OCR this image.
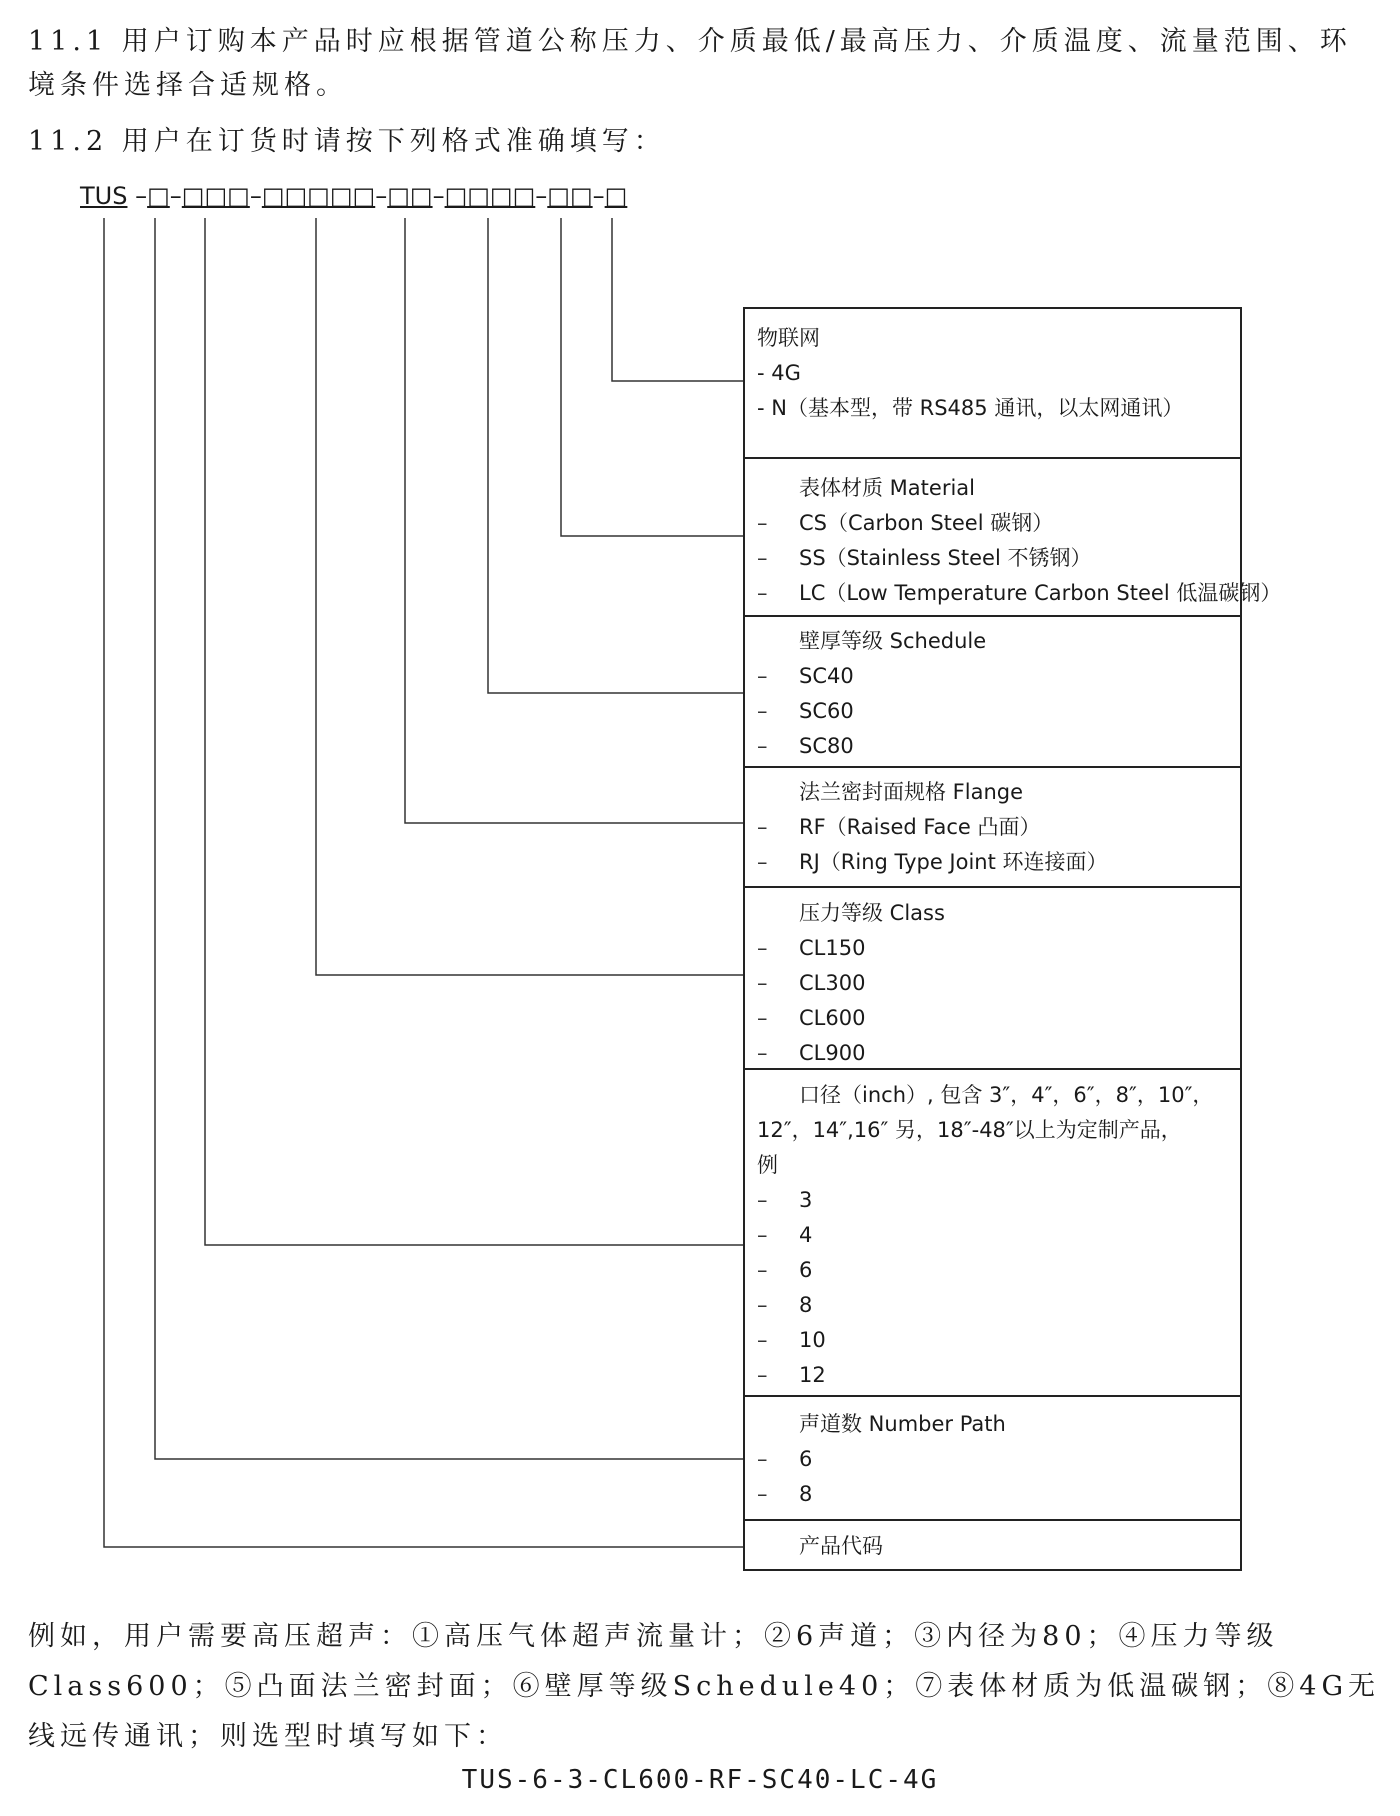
11.1 用户订购本产品时应根据管道公称压力、介质最低/最高压力、介质温度、流量范围、环境条件选择合适规格。
11.2 用户在订货时请按下列格式准确填写：
TUS –□–□□□–□□□□□–□□–□□□□–□□–□
物联网
- 4G
- N（基本型，带 RS485 通讯，以太网通讯）
表体材质 Material
–	CS（Carbon Steel 碳钢）
–	SS（Stainless Steel 不锈钢）
–	LC（Low Temperature Carbon Steel 低温碳钢）
壁厚等级 Schedule
–	SC40
–	SC60
–	SC80
法兰密封面规格 Flange
–	RF（Raised Face 凸面）
–	RJ（Ring Type Joint 环连接面）
压力等级 Class
–	CL150
–	CL300
–	CL600
–	CL900
口径（inch）, 包含 3″，4″，6″，8″，10″，
12″，14″,16″ 另，18″-48″以上为定制产品，
例
–	3
–	4
–	6
–	8
–	10
–	12
声道数 Number Path
–	6
–	8
产品代码
例如，用户需要高压超声：①高压气体超声流量计；②6声道；③内径为80；④压力等级Class600；⑤凸面法兰密封面；⑥壁厚等级Schedule40；⑦表体材质为低温碳钢；⑧4G无线远传通讯；则选型时填写如下：
TUS-6-3-CL600-RF-SC40-LC-4G
